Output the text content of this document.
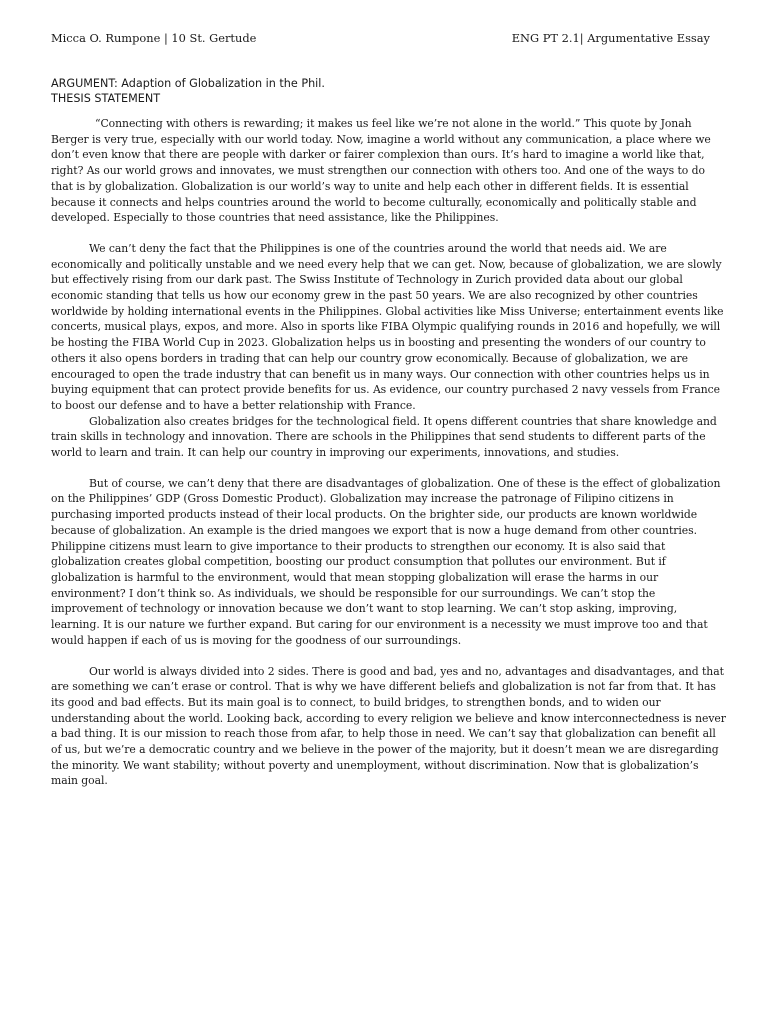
Micca O. Rumpone | 10 St. Gertude	ENG PT 2.1| Argumentative Essay

ARGUMENT: Adaption of Globalization in the Phil.

THESIS STATEMENT

“Connecting with others is rewarding; it makes us feel like we’re not alone in the world.” This quote by Jonah Berger is very true, especially with our world today. Now, imagine a world without any communication, a place where we don’t even know that there are people with darker or fairer complexion than ours. It’s hard to imagine a world like that, right? As our world grows and innovates, we must strengthen our connection with others too. And one of the ways to do that is by globalization. Globalization is our world’s way to unite and help each other in different fields. It is essential because it connects and helps countries around the world to become culturally, economically and politically stable and developed. Especially to those countries that need assistance, like the Philippines.

We can’t deny the fact that the Philippines is one of the countries around the world that needs aid. We are economically and politically unstable and we need every help that we can get. Now, because of globalization, we are slowly but effectively rising from our dark past. The Swiss Institute of Technology in Zurich provided data about our global economic standing that tells us how our economy grew in the past 50 years. We are also recognized by other countries worldwide by holding international events in the Philippines. Global activities like Miss Universe; entertainment events like concerts, musical plays, expos, and more. Also in sports like FIBA Olympic qualifying rounds in 2016 and hopefully, we will be hosting the FIBA World Cup in 2023. Globalization helps us in boosting and presenting the wonders of our country to others it also opens borders in trading that can help our country grow economically. Because of globalization, we are encouraged to open the trade industry that can benefit us in many ways. Our connection with other countries helps us in buying equipment that can protect provide benefits for us. As evidence, our country purchased 2 navy vessels from France to boost our defense and to have a better relationship with France.

Globalization also creates bridges for the technological field. It opens different countries that share knowledge and train skills in technology and innovation. There are schools in the Philippines that send students to different parts of the world to learn and train. It can help our country in improving our experiments, innovations, and studies.

But of course, we can’t deny that there are disadvantages of globalization. One of these is the effect of globalization on the Philippines’ GDP (Gross Domestic Product). Globalization may increase the patronage of Filipino citizens in purchasing imported products instead of their local products. On the brighter side, our products are known worldwide because of globalization. An example is the dried mangoes we export that is now a huge demand from other countries. Philippine citizens must learn to give importance to their products to strengthen our economy. It is also said that globalization creates global competition, boosting our product consumption that pollutes our environment. But if globalization is harmful to the environment, would that mean stopping globalization will erase the harms in our environment? I don’t think so. As individuals, we should be responsible for our surroundings. We can’t stop the improvement of technology or innovation because we don’t want to stop learning. We can’t stop asking, improving, learning. It is our nature we further expand. But caring for our environment is a necessity we must improve too and that would happen if each of us is moving for the goodness of our surroundings.

Our world is always divided into 2 sides. There is good and bad, yes and no, advantages and disadvantages, and that are something we can’t erase or control. That is why we have different beliefs and globalization is not far from that. It has its good and bad effects. But its main goal is to connect, to build bridges, to strengthen bonds, and to widen our understanding about the world. Looking back, according to every religion we believe and know interconnectedness is never a bad thing. It is our mission to reach those from afar, to help those in need. We can’t say that globalization can benefit all of us, but we’re a democratic country and we believe in the power of the majority, but it doesn’t mean we are disregarding the minority. We want stability; without poverty and unemployment, without discrimination. Now that is globalization’s main goal.
